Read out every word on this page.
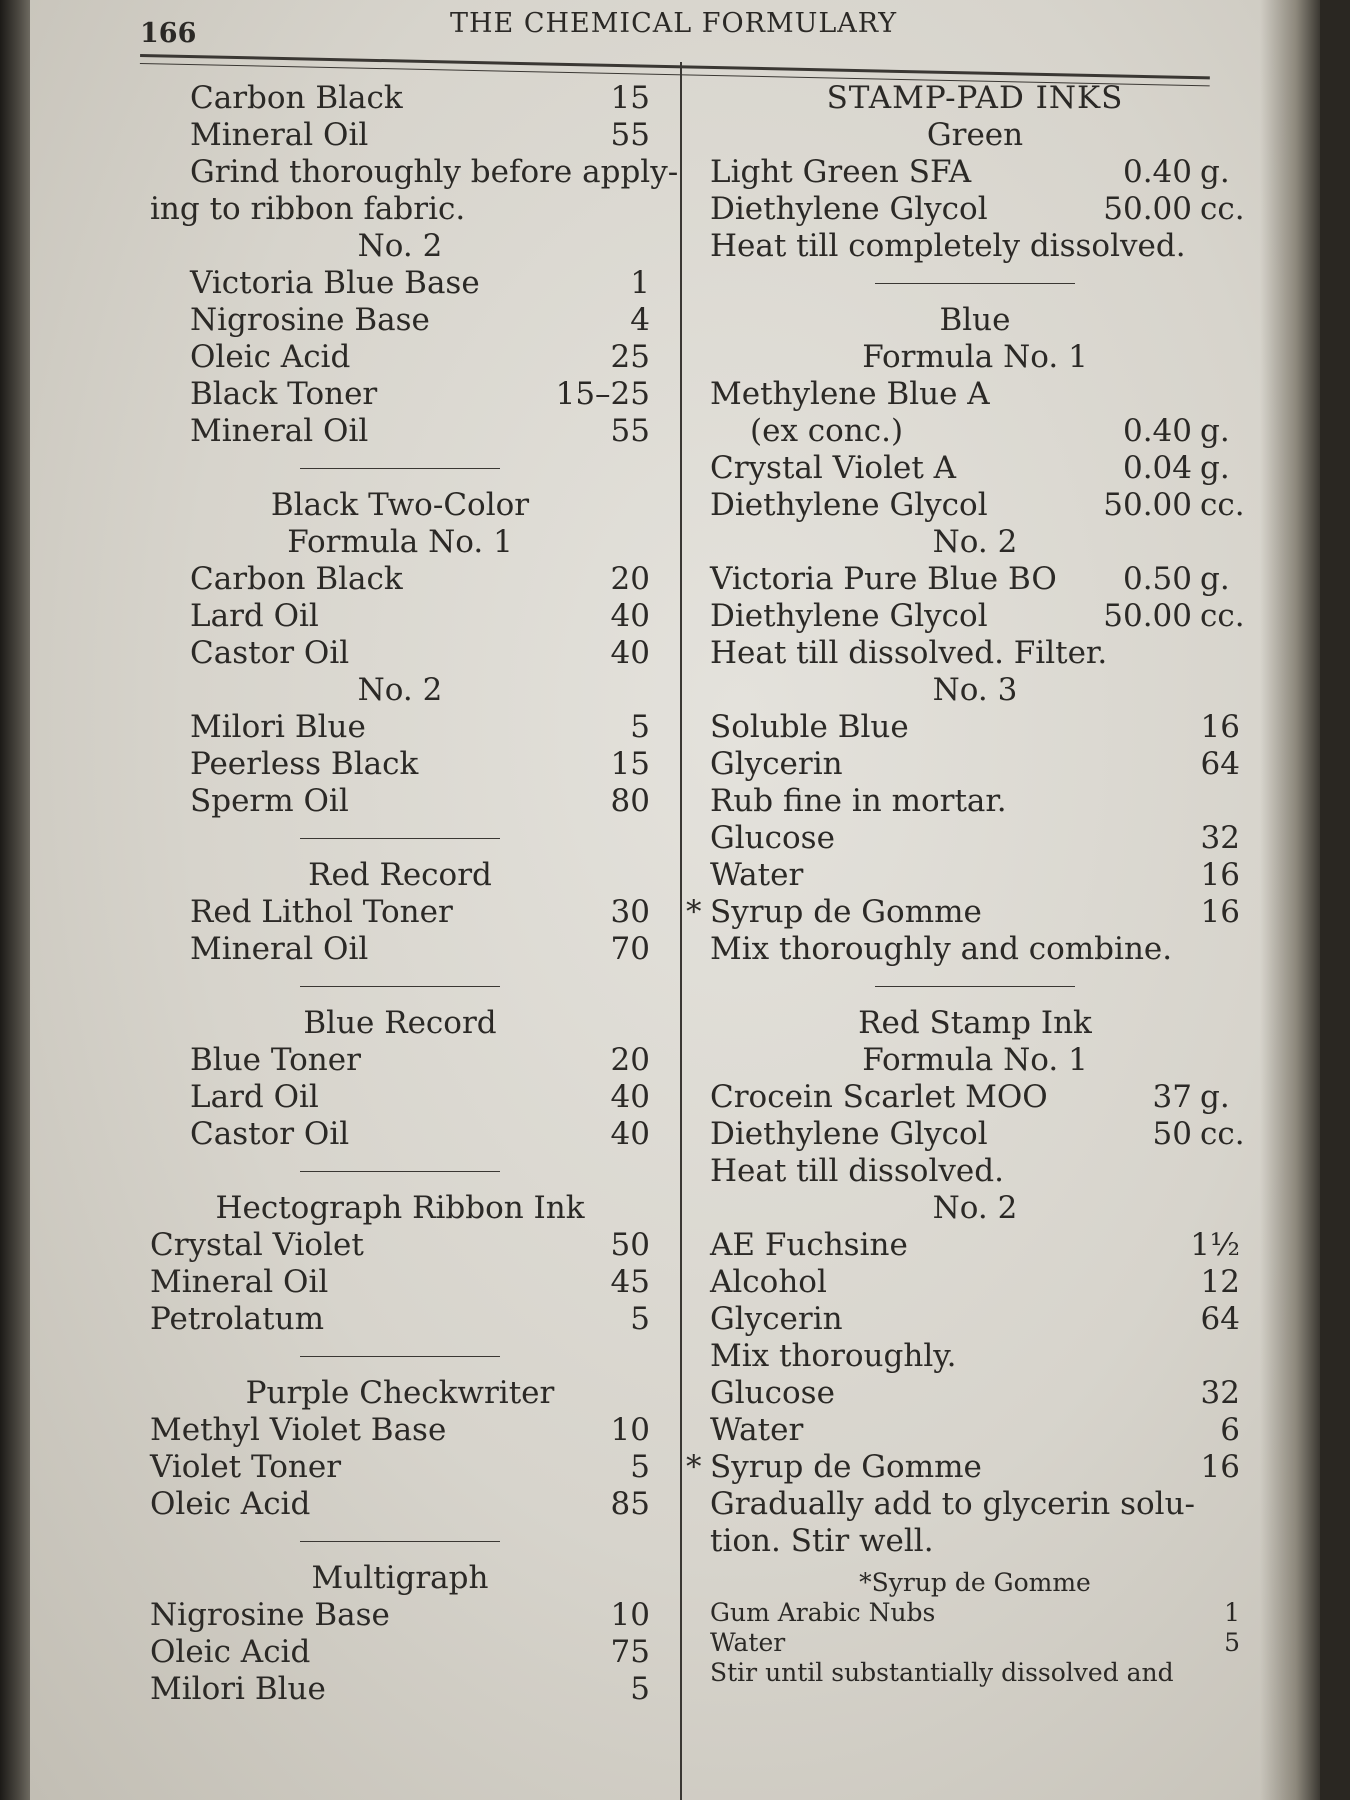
166	THE CHEMICAL FORMULARY
Carbon Black	15
Mineral Oil	55
Grind thoroughly before apply-
ing to ribbon fabric.
No. 2
Victoria Blue Base	1
Nigrosine Base	4
Oleic Acid	25
Black Toner	15–25
Mineral Oil	55
Black Two-Color
Formula No. 1
Carbon Black	20
Lard Oil	40
Castor Oil	40
No. 2
Milori Blue	5
Peerless Black	15
Sperm Oil	80
Red Record
Red Lithol Toner	30
Mineral Oil	70
Blue Record
Blue Toner	20
Lard Oil	40
Castor Oil	40
Hectograph Ribbon Ink
Crystal Violet	50
Mineral Oil	45
Petrolatum	5
Purple Checkwriter
Methyl Violet Base	10
Violet Toner	5
Oleic Acid	85
Multigraph
Nigrosine Base	10
Oleic Acid	75
Milori Blue	5
STAMP-PAD INKS
Green
Light Green SFA	0.40 g.
Diethylene Glycol	50.00 cc.
Heat till completely dissolved.
Blue
Formula No. 1
Methylene Blue A
(ex conc.)	0.40 g.
Crystal Violet A	0.04 g.
Diethylene Glycol	50.00 cc.
No. 2
Victoria Pure Blue BO 0.50 g.
Diethylene Glycol	50.00 cc.
Heat till dissolved. Filter.
No. 3
Soluble Blue	16
Glycerin	64
Rub fine in mortar.
Glucose	32
Water	16
* Syrup de Gomme	16
Mix thoroughly and combine.
Red Stamp Ink
Formula No. 1
Crocein Scarlet MOO	37 g.
Diethylene Glycol	50 cc.
Heat till dissolved.
No. 2
AE Fuchsine	1½
Alcohol	12
Glycerin	64
Mix thoroughly.
Glucose	32
Water	6
* Syrup de Gomme	16
Gradually add to glycerin solu-
tion. Stir well.
*Syrup de Gomme
Gum Arabic Nubs	1
Water	5
Stir until substantially dissolved and
